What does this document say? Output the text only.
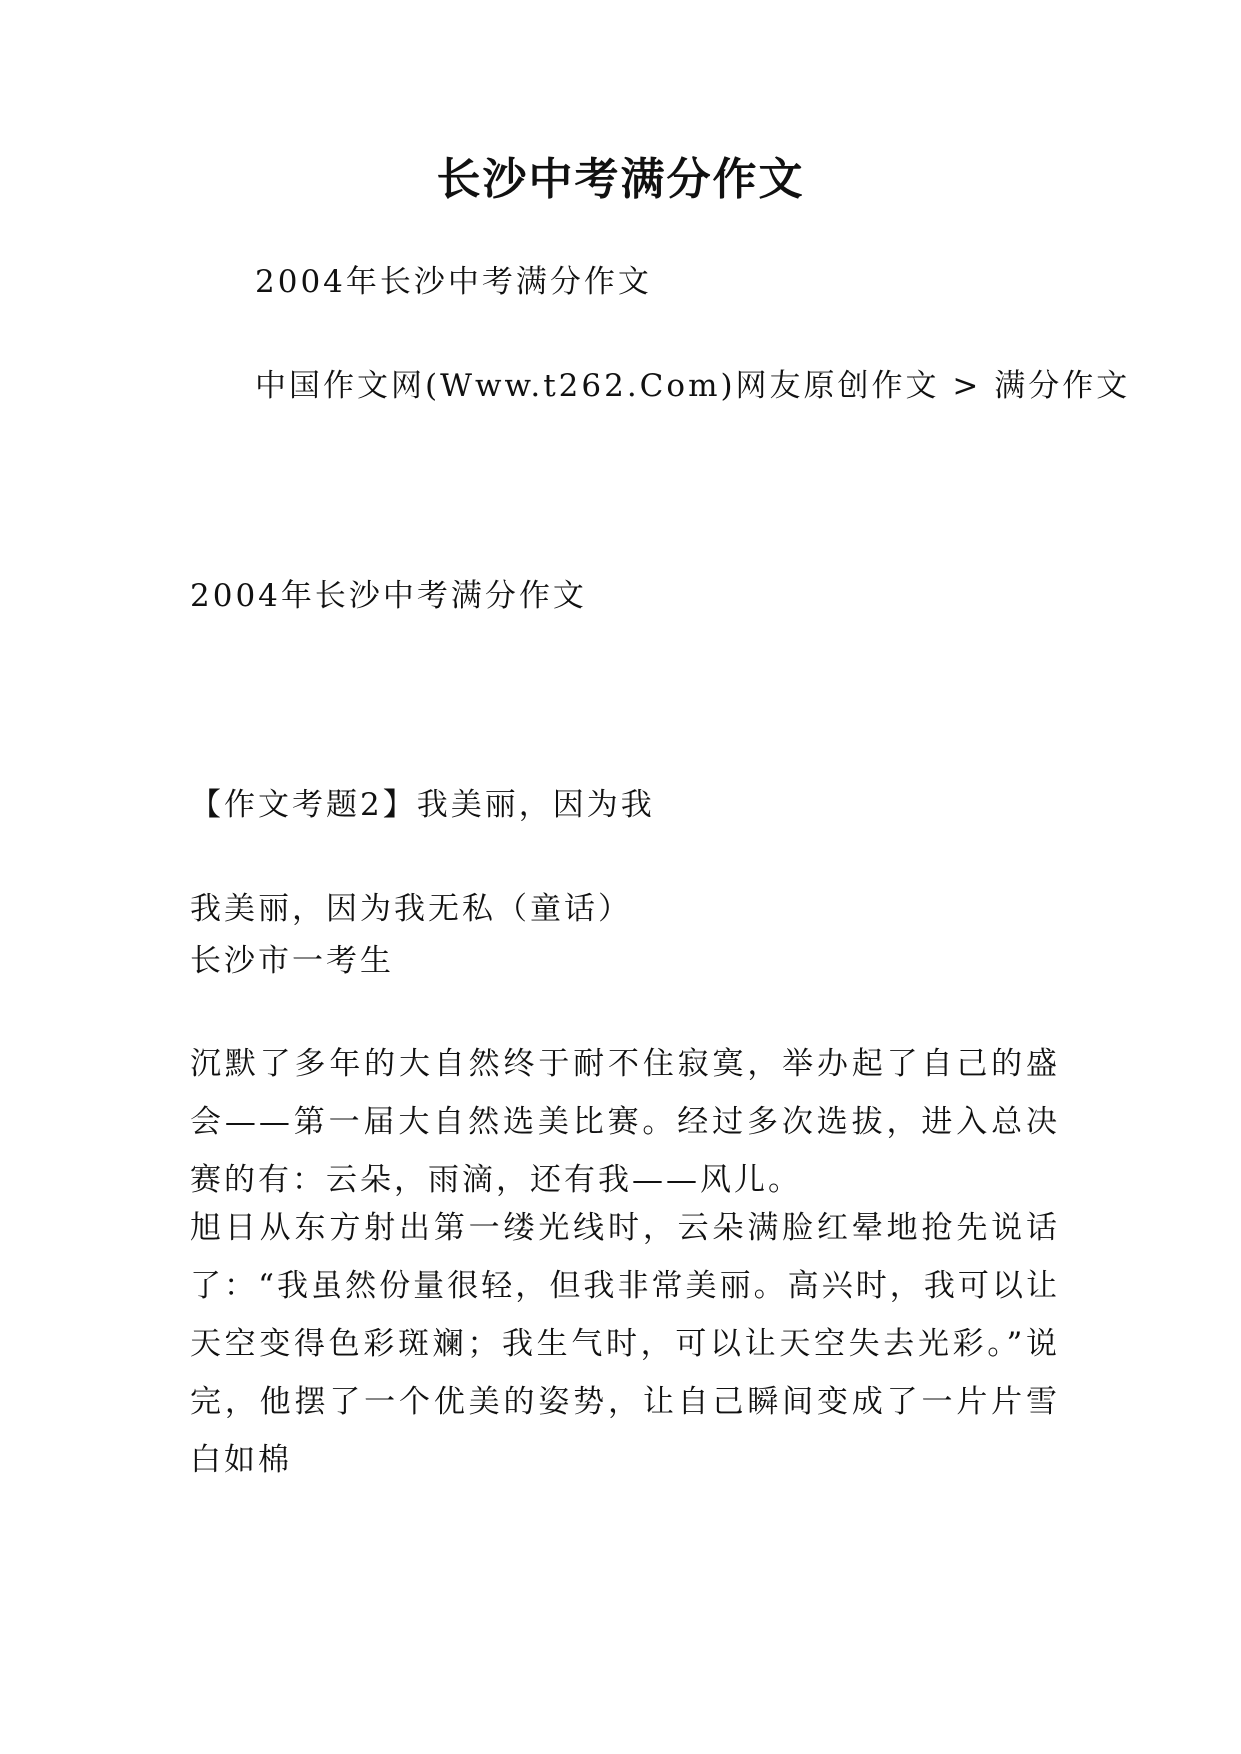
长沙中考满分作文

2004年长沙中考满分作文

中国作文网(Www.t262.Com)网友原创作文 > 满分作文

2004年长沙中考满分作文

【作文考题2】我美丽，因为我

我美丽，因为我无私（童话）

长沙市一考生

沉默了多年的大自然终于耐不住寂寞，举办起了自己的盛会——第一届大自然选美比赛。经过多次选拔，进入总决赛的有：云朵，雨滴，还有我——风儿。

旭日从东方射出第一缕光线时，云朵满脸红晕地抢先说话了：“我虽然份量很轻，但我非常美丽。高兴时，我可以让天空变得色彩斑斓；我生气时，可以让天空失去光彩。”说完，他摆了一个优美的姿势，让自己瞬间变成了一片片雪白如棉
